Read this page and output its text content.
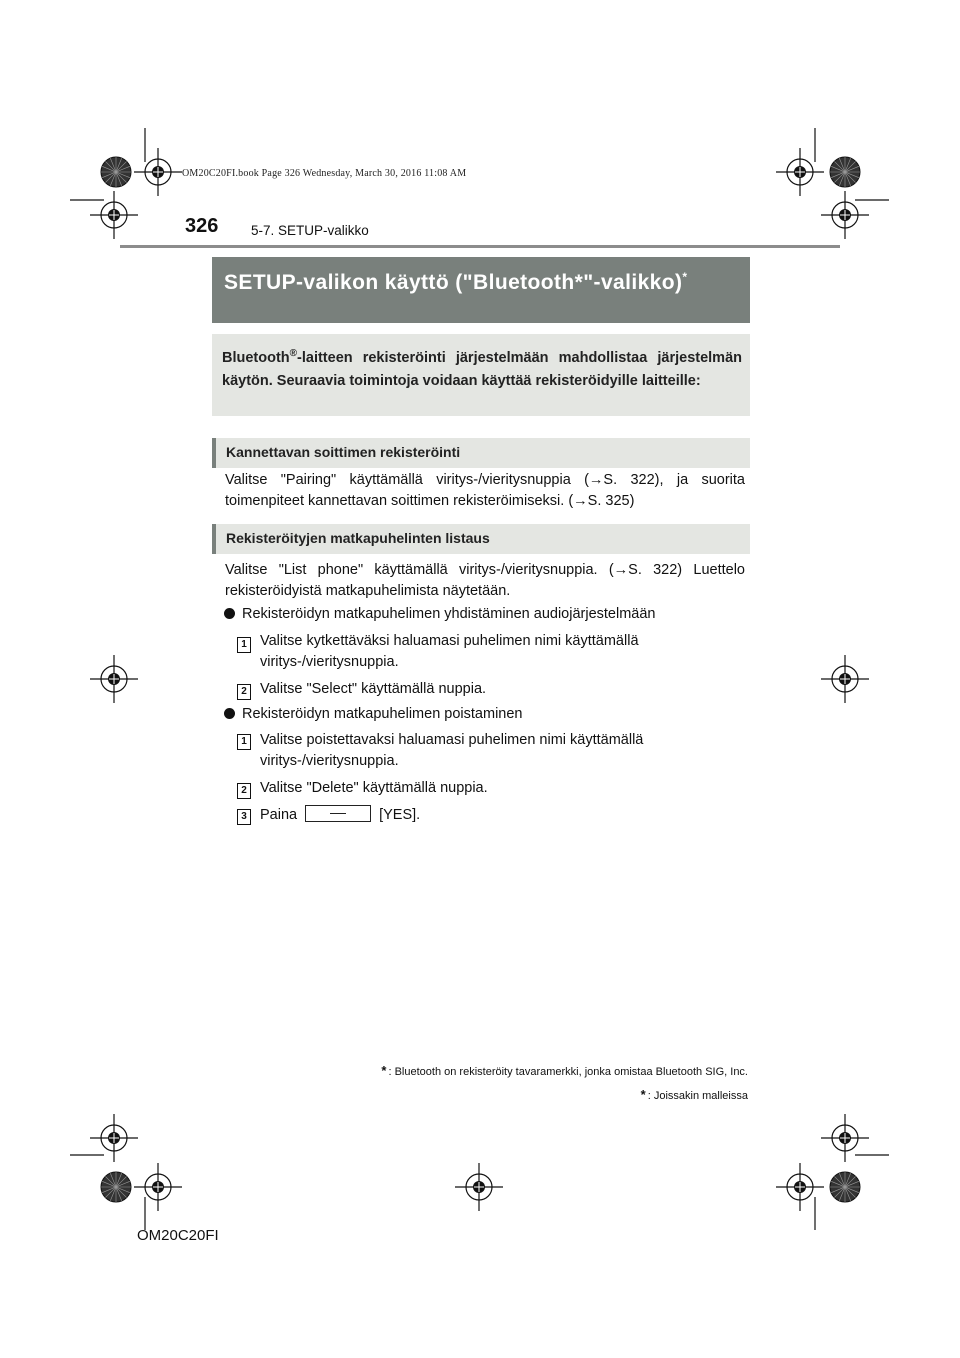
OM20C20FI.book Page 326 Wednesday, March 30, 2016 11:08 AM
326 5-7. SETUP-valikko
SETUP-valikon käyttö ("Bluetooth*"-valikko)*
Bluetooth®-laitteen rekisteröinti järjestelmään mahdollistaa järjestelmän käytön. Seuraavia toimintoja voidaan käyttää rekisteröidyille laitteille:
Kannettavan soittimen rekisteröinti
Valitse "Pairing" käyttämällä viritys-/vieritysnuppia (→S. 322), ja suorita toimenpiteet kannettavan soittimen rekisteröimiseksi. (→S. 325)
Rekisteröityjen matkapuhelinten listaus
Valitse "List phone" käyttämällä viritys-/vieritysnuppia. (→S. 322) Luettelo rekisteröidyistä matkapuhelimista näytetään.
Rekisteröidyn matkapuhelimen yhdistäminen audiojärjestelmään
1 Valitse kytkettäväksi haluamasi puhelimen nimi käyttämällä viritys-/vieritysnuppia.
2 Valitse "Select" käyttämällä nuppia.
Rekisteröidyn matkapuhelimen poistaminen
1 Valitse poistettavaksi haluamasi puhelimen nimi käyttämällä viritys-/vieritysnuppia.
2 Valitse "Delete" käyttämällä nuppia.
3 Paina	[YES].
* : Bluetooth on rekisteröity tavaramerkki, jonka omistaa Bluetooth SIG, Inc.
* : Joissakin malleissa
OM20C20FI
